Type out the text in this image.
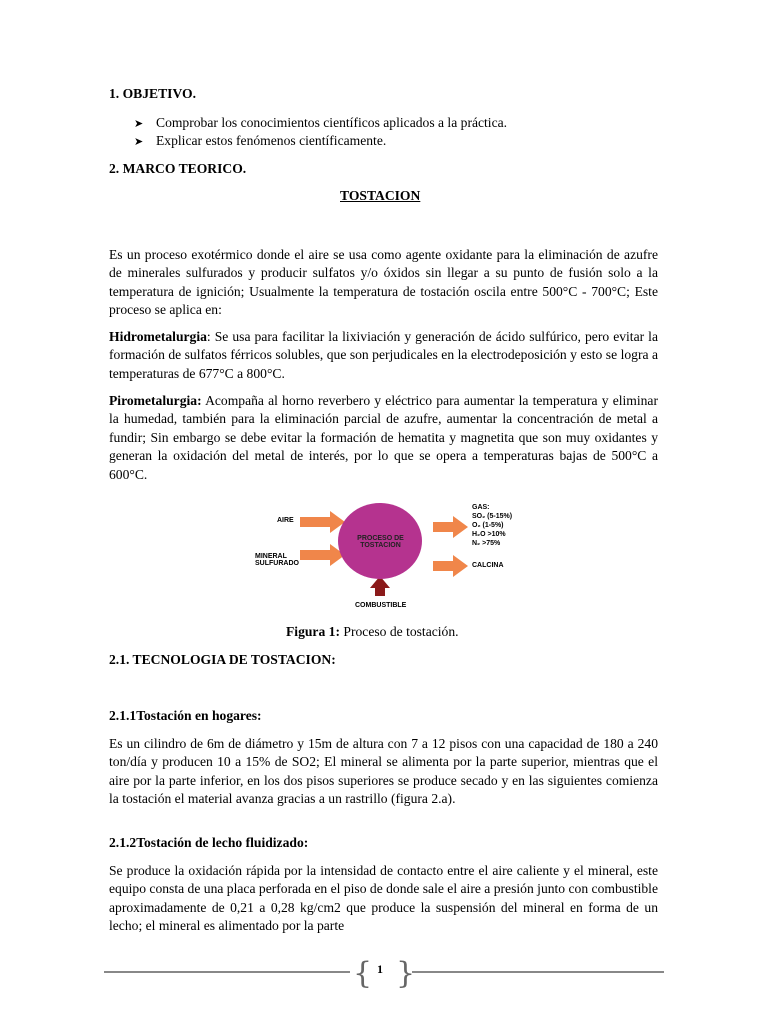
1. OBJETIVO.
➤ Comprobar los conocimientos científicos aplicados a la práctica.
➤ Explicar estos fenómenos científicamente.
2. MARCO TEORICO.
TOSTACION

Es un proceso exotérmico donde el aire se usa como agente oxidante para la eliminación de azufre de minerales sulfurados y producir sulfatos y/o óxidos sin llegar a su punto de fusión solo a la temperatura de ignición; Usualmente la temperatura de tostación oscila entre 500°C - 700°C; Este proceso se aplica en:

Hidrometalurgia: Se usa para facilitar la lixiviación y generación de ácido sulfúrico, pero evitar la formación de sulfatos férricos solubles, que son perjudicales en la electrodeposición y esto se logra a temperaturas de 677°C a 800°C.

Pirometalurgia: Acompaña al horno reverbero y eléctrico para aumentar la temperatura y eliminar la humedad, también para la eliminación parcial de azufre, aumentar la concentración de metal a fundir; Sin embargo se debe evitar la formación de hematita y magnetita que son muy oxidantes y generan la oxidación del metal de interés, por lo que se opera a temperaturas bajas de 500°C a 600°C.

PROCESO DE TOSTACION
AIRE
MINERAL SULFURADO
COMBUSTIBLE
CALCINA
GAS:
SO₂ (5-15%)
O₂ (1-5%)
H₂O >10%
N₂ >75%
Figura 1: Proceso de tostación.
2.1. TECNOLOGIA DE TOSTACION:
2.1.1Tostación en hogares:

Es un cilindro de 6m de diámetro y 15m de altura con 7 a 12 pisos con una capacidad de 180 a 240 ton/día y producen 10 a 15% de SO2; El mineral se alimenta por la parte superior, mientras que el aire por la parte inferior, en los dos pisos superiores se produce secado y en las siguientes comienza la tostación el material avanza gracias a un rastrillo (figura 2.a).

2.1.2Tostación de lecho fluidizado:

Se produce la oxidación rápida por la intensidad de contacto entre el aire caliente y el mineral, este equipo consta de una placa perforada en el piso de donde sale el aire a presión junto con combustible aproximadamente de 0,21 a 0,28 kg/cm2 que produce la suspensión del mineral en forma de un lecho; el mineral es alimentado por la parte

{ }
1
